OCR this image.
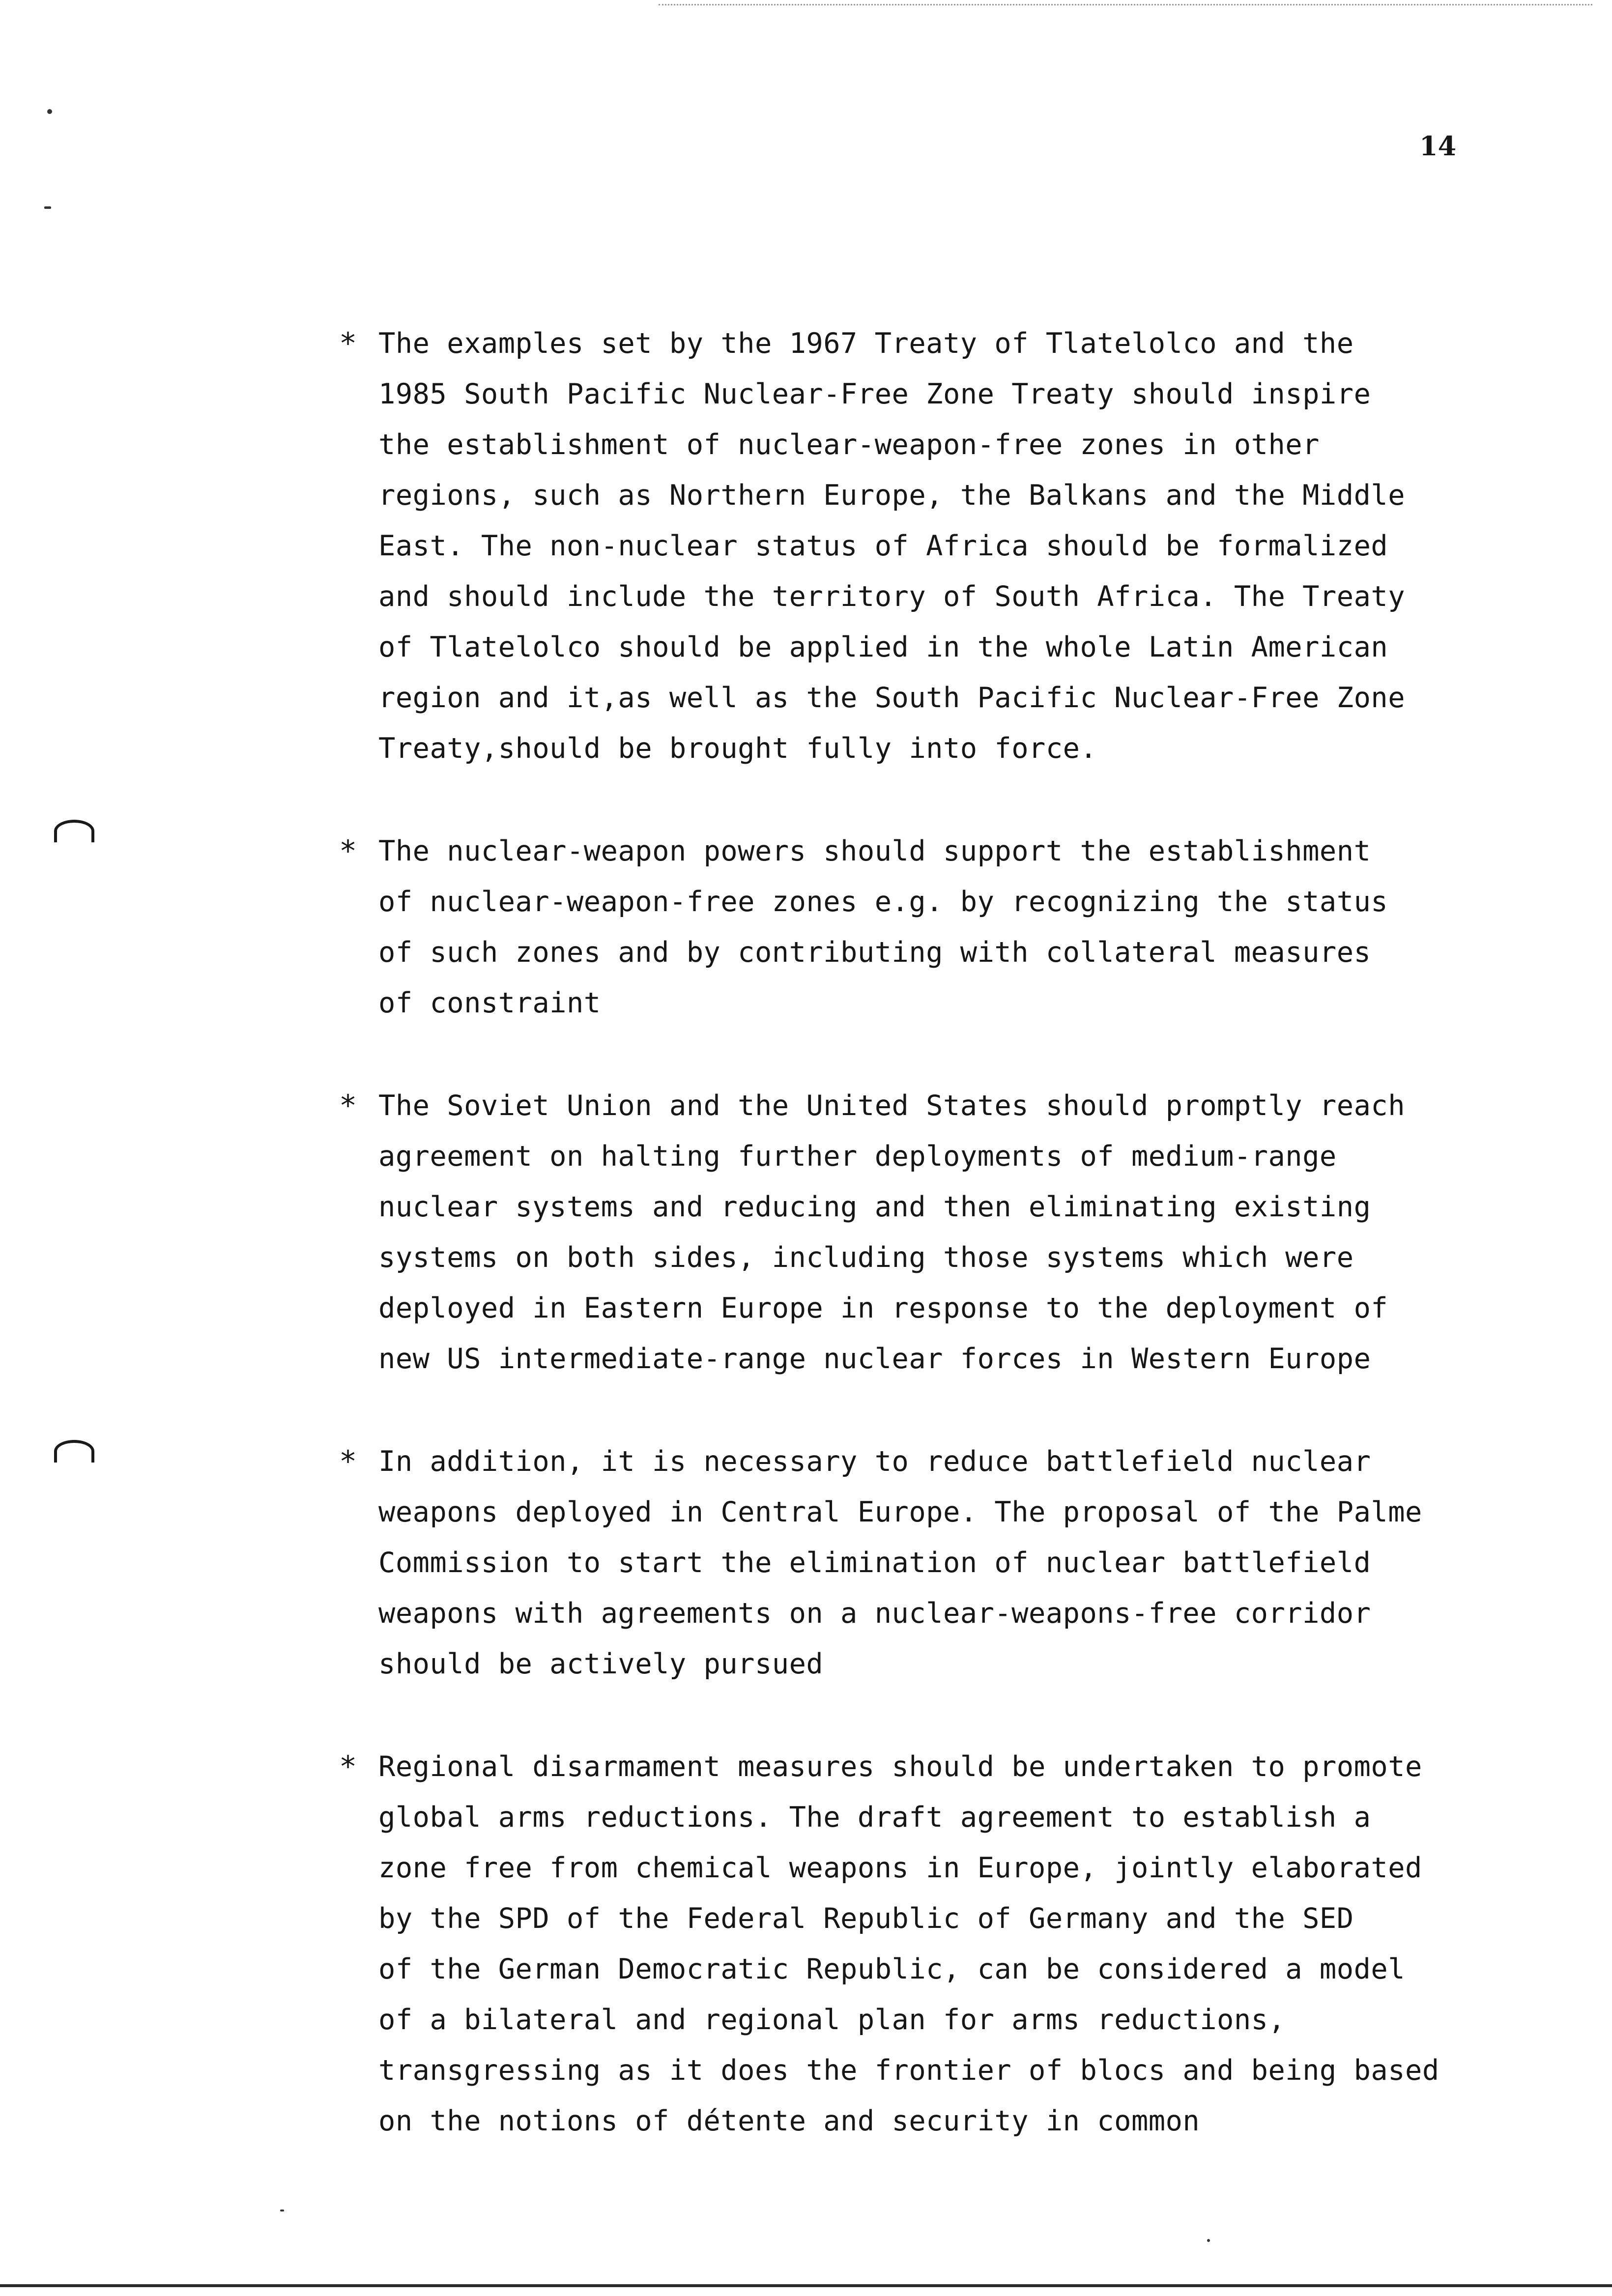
14
* The examples set by the 1967 Treaty of Tlatelolco and the
1985 South Pacific Nuclear-Free Zone Treaty should inspire
the establishment of nuclear-weapon-free zones in other
regions, such as Northern Europe, the Balkans and the Middle
East. The non-nuclear status of Africa should be formalized
and should include the territory of South Africa. The Treaty
of Tlatelolco should be applied in the whole Latin American
region and it,as well as the South Pacific Nuclear-Free Zone
Treaty,should be brought fully into force.
* The nuclear-weapon powers should support the establishment
of nuclear-weapon-free zones e.g. by recognizing the status
of such zones and by contributing with collateral measures
of constraint
* The Soviet Union and the United States should promptly reach
agreement on halting further deployments of medium-range
nuclear systems and reducing and then eliminating existing
systems on both sides, including those systems which were
deployed in Eastern Europe in response to the deployment of
new US intermediate-range nuclear forces in Western Europe
* In addition, it is necessary to reduce battlefield nuclear
weapons deployed in Central Europe. The proposal of the Palme
Commission to start the elimination of nuclear battlefield
weapons with agreements on a nuclear-weapons-free corridor
should be actively pursued
* Regional disarmament measures should be undertaken to promote
global arms reductions. The draft agreement to establish a
zone free from chemical weapons in Europe, jointly elaborated
by the SPD of the Federal Republic of Germany and the SED
of the German Democratic Republic, can be considered a model
of a bilateral and regional plan for arms reductions,
transgressing as it does the frontier of blocs and being based
on the notions of détente and security in common
